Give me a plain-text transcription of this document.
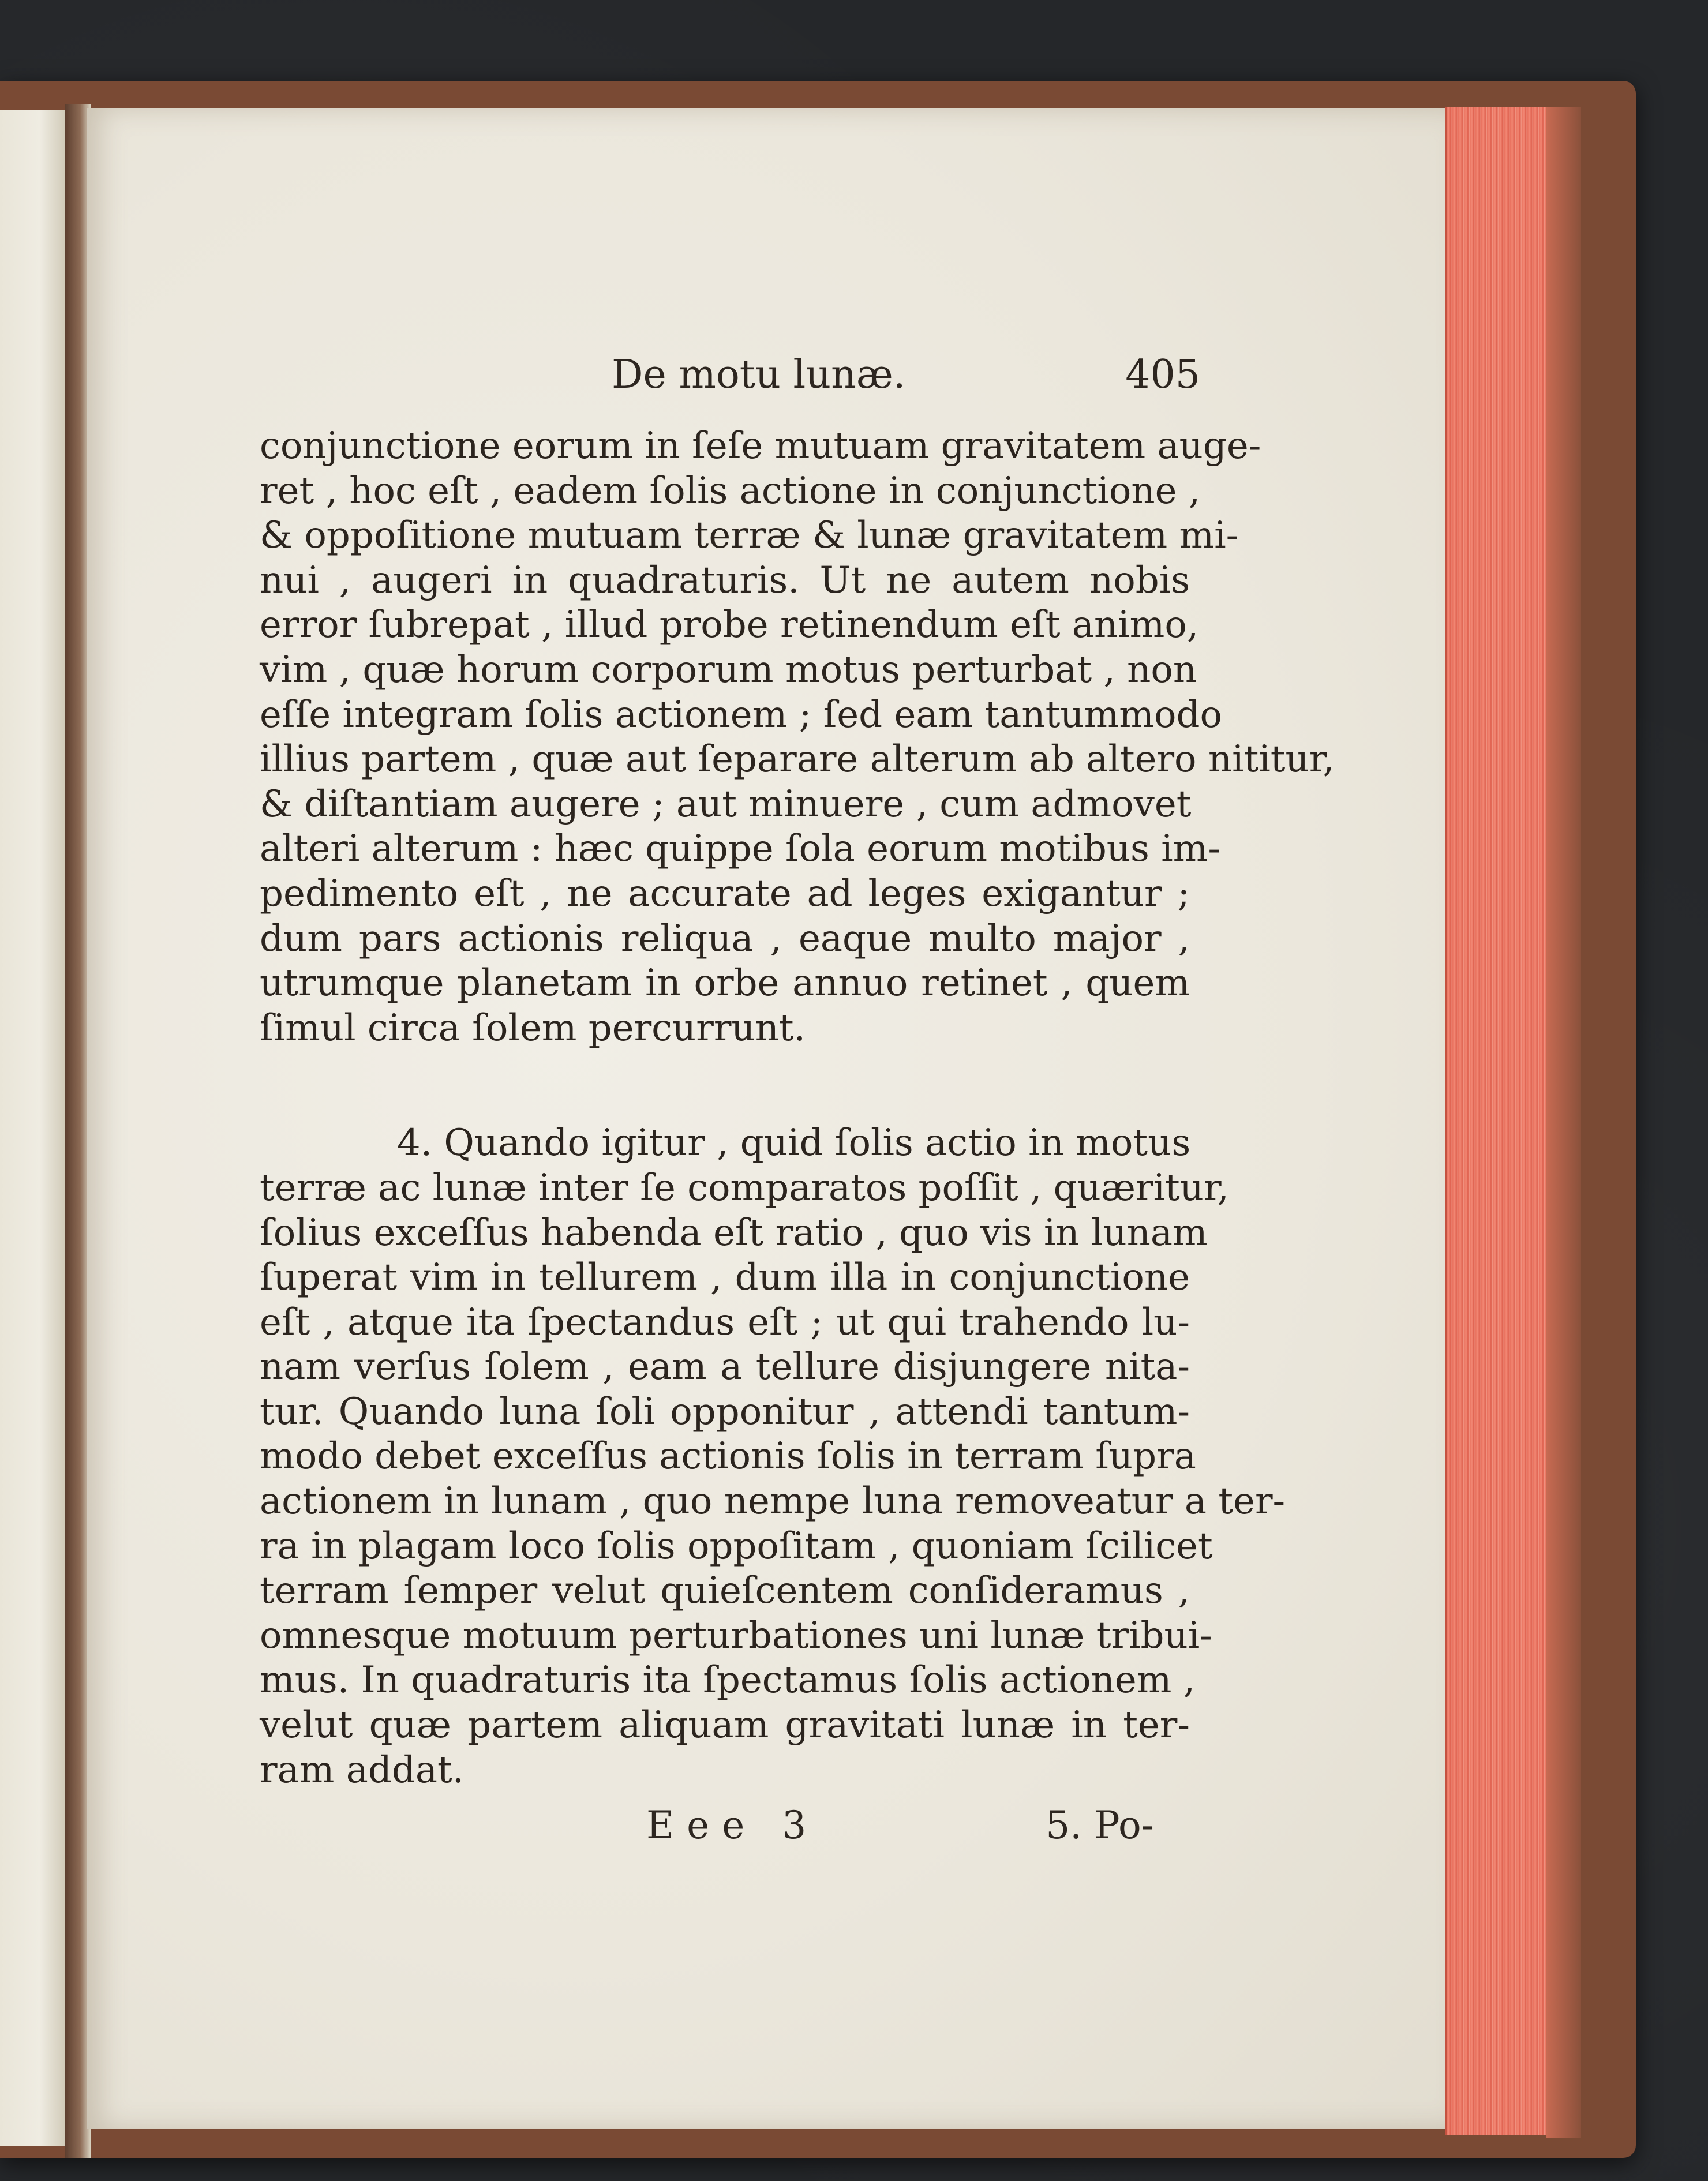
De motu lunæ.	405
conjunctione eorum in ſeſe mutuam gravitatem auge-
ret , hoc eſt , eadem ſolis actione in conjunctione ,
& oppoſitione mutuam terræ & lunæ gravitatem mi-
nui , augeri in quadraturis. Ut ne autem nobis
error ſubrepat , illud probe retinendum eſt animo,
vim , quæ horum corporum motus perturbat , non
eſſe integram ſolis actionem ; ſed eam tantummodo
illius partem , quæ aut ſeparare alterum ab altero nititur,
& diſtantiam augere ; aut minuere , cum admovet
alteri alterum : hæc quippe ſola eorum motibus im-
pedimento eſt , ne accurate ad leges exigantur ;
dum pars actionis reliqua , eaque multo major ,
utrumque planetam in orbe annuo retinet , quem
ſimul circa ſolem percurrunt.
4. Quando igitur , quid ſolis actio in motus
terræ ac lunæ inter ſe comparatos poſſit , quæritur,
ſolius exceſſus habenda eſt ratio , quo vis in lunam
ſuperat vim in tellurem , dum illa in conjunctione
eſt , atque ita ſpectandus eſt ; ut qui trahendo lu-
nam verſus ſolem , eam a tellure disjungere nita-
tur. Quando luna ſoli opponitur , attendi tantum-
modo debet exceſſus actionis ſolis in terram ſupra
actionem in lunam , quo nempe luna removeatur a ter-
ra in plagam loco ſolis oppoſitam , quoniam ſcilicet
terram ſemper velut quieſcentem conſideramus ,
omnesque motuum perturbationes uni lunæ tribui-
mus. In quadraturis ita ſpectamus ſolis actionem ,
velut quæ partem aliquam gravitati lunæ in ter-
ram addat.
Eee 3	5. Po-
